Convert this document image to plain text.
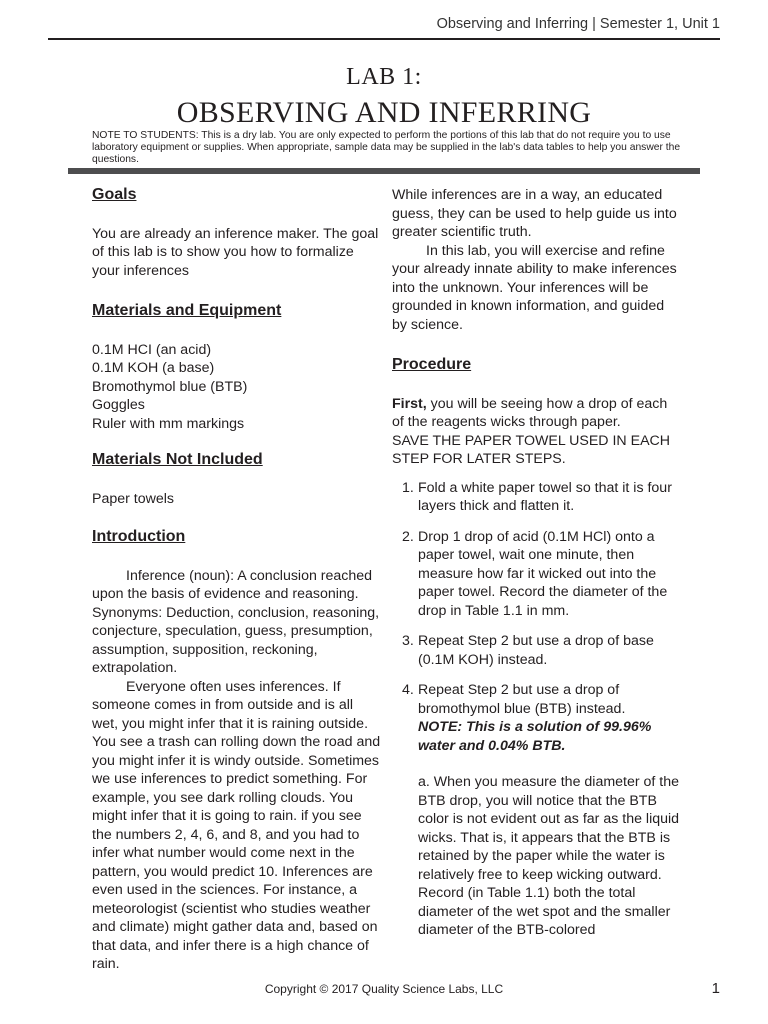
Observing and Inferring | Semester 1, Unit 1
LAB 1:
OBSERVING AND INFERRING
NOTE TO STUDENTS: This is a dry lab. You are only expected to perform the portions of this lab that do not require you to use laboratory equipment or supplies. When appropriate, sample data may be supplied in the lab's data tables to help you answer the questions.

Goals

You are already an inference maker. The goal of this lab is to show you how to formalize your inferences

Materials and Equipment

0.1M HCI (an acid)

0.1M KOH (a base)

Bromothymol blue (BTB)

Goggles

Ruler with mm markings

Materials Not Included

Paper towels

Introduction

Inference (noun): A conclusion reached upon the basis of evidence and reasoning. Synonyms: Deduction, conclusion, reasoning, conjecture, speculation, guess, presumption, assumption, supposition, reckoning, extrapolation.

Everyone often uses inferences. If someone comes in from outside and is all wet, you might infer that it is raining outside. You see a trash can rolling down the road and you might infer it is windy outside. Sometimes we use inferences to predict something. For example, you see dark rolling clouds. You might infer that it is going to rain. if you see the numbers 2, 4, 6, and 8, and you had to infer what number would come next in the pattern, you would predict 10. Inferences are even used in the sciences. For instance, a meteorologist (scientist who studies weather and climate) might gather data and, based on that data, and infer there is a high chance of rain.

While inferences are in a way, an educated guess, they can be used to help guide us into greater scientific truth.

In this lab, you will exercise and refine your already innate ability to make inferences into the unknown. Your inferences will be grounded in known information, and guided by science.

Procedure

First, you will be seeing how a drop of each of the reagents wicks through paper.

SAVE THE PAPER TOWEL USED IN EACH STEP FOR LATER STEPS.

1. Fold a white paper towel so that it is four layers thick and flatten it.
2. Drop 1 drop of acid (0.1M HCl) onto a paper towel, wait one minute, then measure how far it wicked out into the paper towel. Record the diameter of the drop in Table 1.1 in mm.
3. Repeat Step 2 but use a drop of base (0.1M KOH) instead.
4. Repeat Step 2 but use a drop of bromothymol blue (BTB) instead.
NOTE: This is a solution of 99.96% water and 0.04% BTB.
a. When you measure the diameter of the BTB drop, you will notice that the BTB color is not evident out as far as the liquid wicks. That is, it appears that the BTB is retained by the paper while the water is relatively free to keep wicking outward. Record (in Table 1.1) both the total diameter of the wet spot and the smaller diameter of the BTB-colored
Copyright © 2017 Quality Science Labs, LLC	1
